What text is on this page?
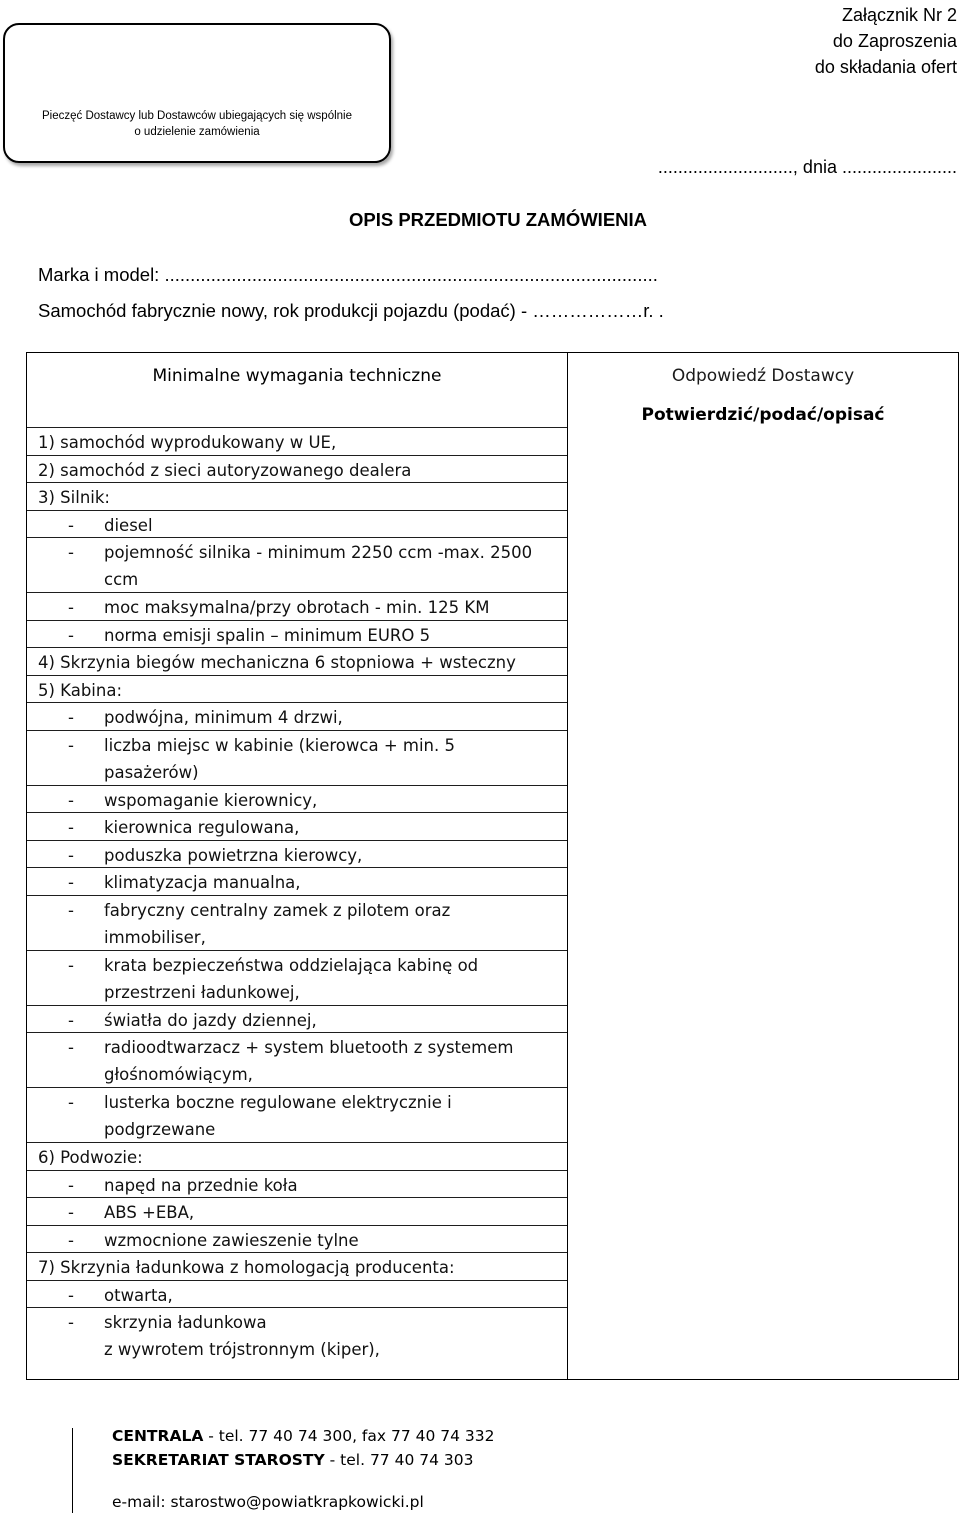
Załącznik Nr 2
do Zaproszenia
do składania ofert
Pieczęć Dostawcy lub Dostawców ubiegających się wspólnie
o udzielenie zamówienia
..........................., dnia .......................
OPIS PRZEDMIOTU ZAMÓWIENIA
Marka i model: ................................................................................................
Samochód fabrycznie nowy, rok produkcji pojazdu (podać) - ………………r. .
Minimalne wymagania techniczne	Odpowiedź Dostawcy
Potwierdzić/podać/opisać
1) samochód wyprodukowany w UE,
2) samochód z sieci autoryzowanego dealera
3) Silnik:
- diesel
- pojemność silnika - minimum 2250 ccm -max. 2500
ccm
- moc maksymalna/przy obrotach - min. 125 KM
- norma emisji spalin – minimum EURO 5
4) Skrzynia biegów mechaniczna 6 stopniowa + wsteczny
5) Kabina:
- podwójna, minimum 4 drzwi,
- liczba miejsc w kabinie (kierowca + min. 5
pasażerów)
- wspomaganie kierownicy,
- kierownica regulowana,
- poduszka powietrzna kierowcy,
- klimatyzacja manualna,
- fabryczny centralny zamek z pilotem oraz
immobiliser,
- krata bezpieczeństwa oddzielająca kabinę od
przestrzeni ładunkowej,
- światła do jazdy dziennej,
- radioodtwarzacz + system bluetooth z systemem
głośnomówiącym,
- lusterka boczne regulowane elektrycznie i
podgrzewane
6) Podwozie:
- napęd na przednie koła
- ABS +EBA,
- wzmocnione zawieszenie tylne
7) Skrzynia ładunkowa z homologacją producenta:
- otwarta,
- skrzynia ładunkowa
z wywrotem trójstronnym (kiper),
CENTRALA - tel. 77 40 74 300, fax 77 40 74 332
SEKRETARIAT STAROSTY - tel. 77 40 74 303
e-mail: starostwo@powiatkrapkowicki.pl
